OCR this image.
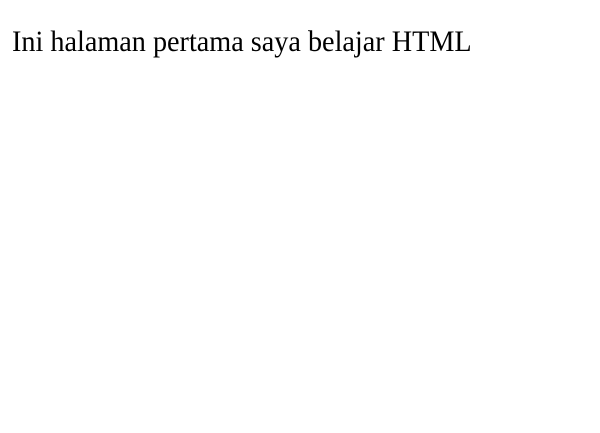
Ini halaman pertama saya belajar HTML
